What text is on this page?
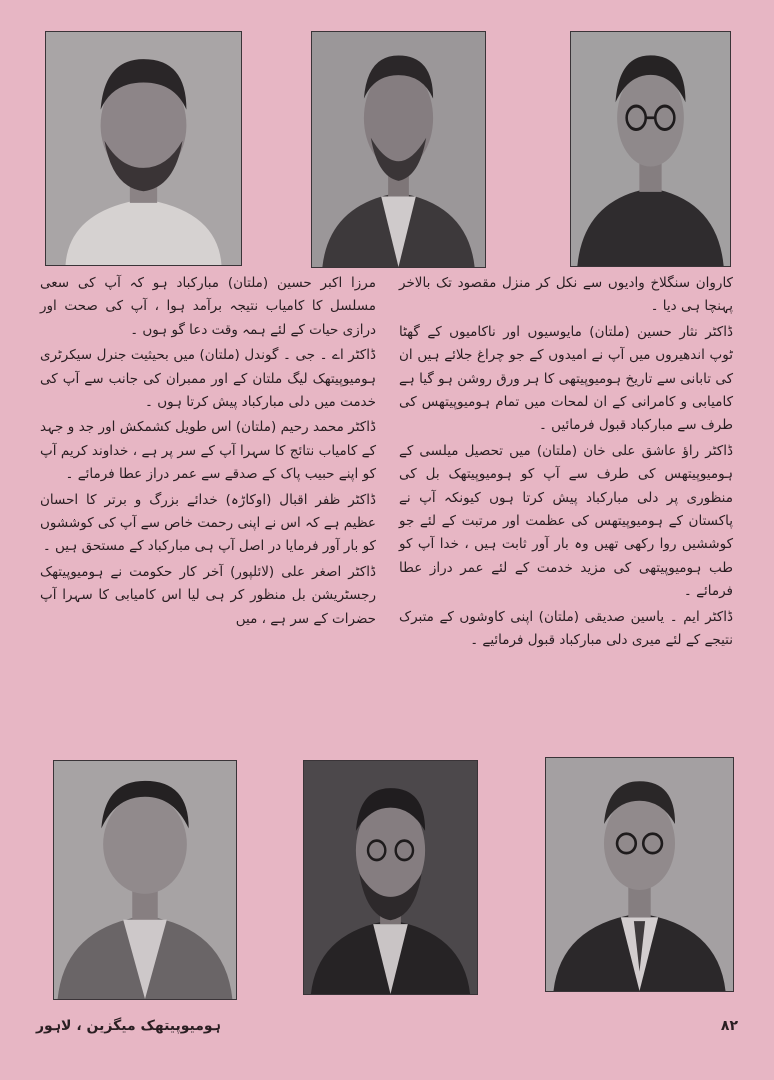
کاروان سنگلاخ وادیوں سے نکل کر منزل مقصود تک بالاخر پہنچا ہی دیا ۔

ڈاکٹر نثار حسین (ملتان) مایوسیوں اور ناکامیوں کے گھٹا ٹوپ اندھیروں میں آپ نے امیدوں کے جو چراغ جلائے ہیں ان کی تابانی سے تاریخ ہومیوپیتھی کا ہر ورق روشن ہو گیا ہے کامیابی و کامرانی کے ان لمحات میں تمام ہومیوپیتھس کی طرف سے مبارکباد قبول فرمائیں ۔

ڈاکٹر راؤ عاشق علی خان (ملتان) میں تحصیل میلسی کے ہومیوپیتھس کی طرف سے آپ کو ہومیوپیتھک بل کی منظوری پر دلی مبارکباد پیش کرتا ہوں کیونکہ آپ نے پاکستان کے ہومیوپیتھس کی عظمت اور مرتبت کے لئے جو کوششیں روا رکھی تھیں وہ بار آور ثابت ہیں ، خدا آپ کو طب ہومیوپیتھی کی مزید خدمت کے لئے عمر دراز عطا فرمائے ۔

ڈاکٹر ایم ۔ یاسین صدیقی (ملتان) اپنی کاوشوں کے متبرک نتیجے کے لئے میری دلی مبارکباد قبول فرمائیے ۔

مرزا اکبر حسین (ملتان) مبارکباد ہو کہ آپ کی سعی مسلسل کا کامیاب نتیجہ برآمد ہوا ، آپ کی صحت اور درازی حیات کے لئے ہمہ وقت دعا گو ہوں ۔

ڈاکٹر اے ۔ جی ۔ گوندل (ملتان) میں بحیثیت جنرل سیکرٹری ہومیوپیتھک لیگ ملتان کے اور ممبران کی جانب سے آپ کی خدمت میں دلی مبارکباد پیش کرتا ہوں ۔

ڈاکٹر محمد رحیم (ملتان) اس طویل کشمکش اور جد و جہد کے کامیاب نتائج کا سہرا آپ کے سر پر ہے ، خداوند کریم آپ کو اپنے حبیب پاک کے صدقے سے عمر دراز عطا فرمائے ۔

ڈاکٹر ظفر اقبال (اوکاڑہ) خدائے بزرگ و برتر کا احسان عظیم ہے کہ اس نے اپنی رحمت خاص سے آپ کی کوششوں کو بار آور فرمایا در اصل آپ ہی مبارکباد کے مستحق ہیں ۔

ڈاکٹر اصغر علی (لائلپور) آخر کار حکومت نے ہومیوپیتھک رجسٹریشن بل منظور کر ہی لیا اس کامیابی کا سہرا آپ حضرات کے سر ہے ، میں

ہومیوپیتھک میگزین ، لاہور	۸۲
